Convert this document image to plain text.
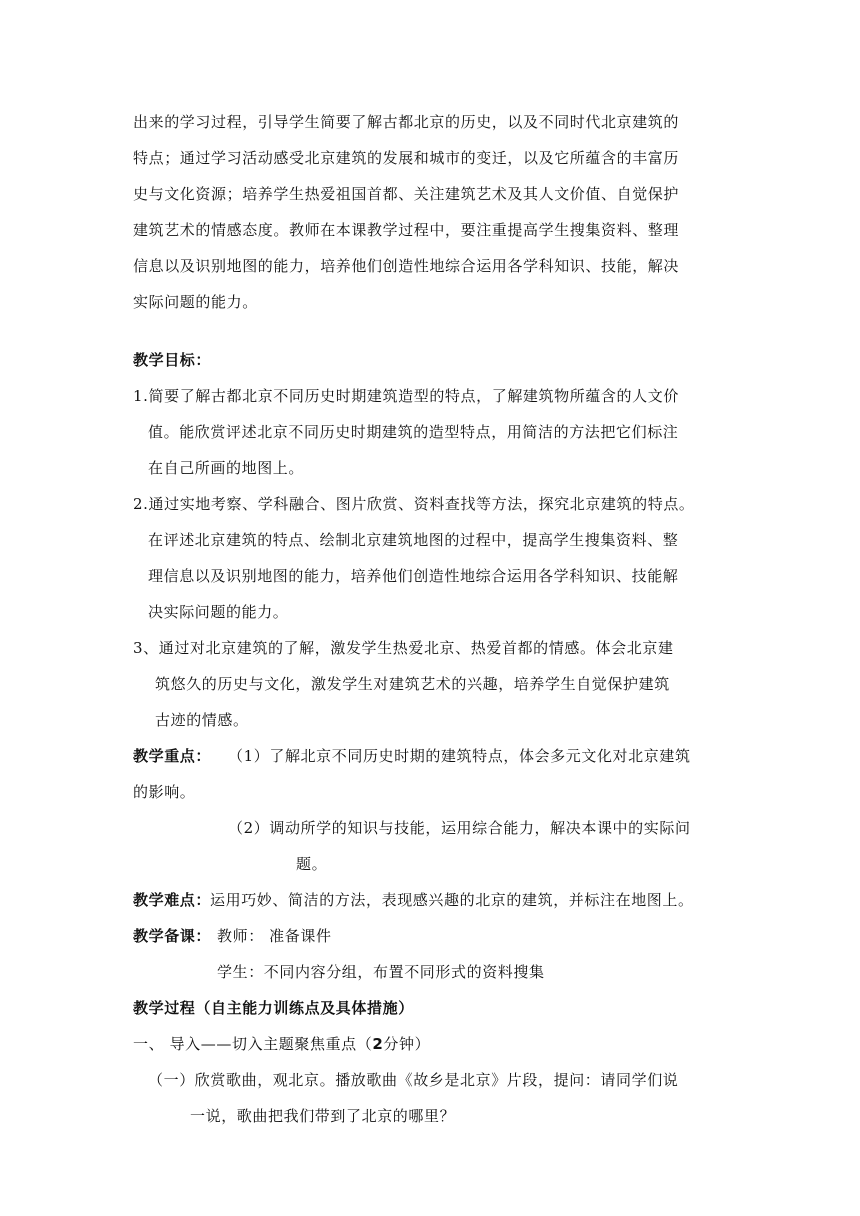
出来的学习过程，引导学生简要了解古都北京的历史，以及不同时代北京建筑的
特点；通过学习活动感受北京建筑的发展和城市的变迁，以及它所蕴含的丰富历
史与文化资源；培养学生热爱祖国首都、关注建筑艺术及其人文价值、自觉保护
建筑艺术的情感态度。教师在本课教学过程中，要注重提高学生搜集资料、整理
信息以及识别地图的能力，培养他们创造性地综合运用各学科知识、技能，解决
实际问题的能力。
教学目标：
1.简要了解古都北京不同历史时期建筑造型的特点，了解建筑物所蕴含的人文价
值。能欣赏评述北京不同历史时期建筑的造型特点，用简洁的方法把它们标注
在自己所画的地图上。
2.通过实地考察、学科融合、图片欣赏、资料查找等方法，探究北京建筑的特点。
在评述北京建筑的特点、绘制北京建筑地图的过程中，提高学生搜集资料、整
理信息以及识别地图的能力，培养他们创造性地综合运用各学科知识、技能解
决实际问题的能力。
3、通过对北京建筑的了解，激发学生热爱北京、热爱首都的情感。体会北京建
筑悠久的历史与文化，激发学生对建筑艺术的兴趣，培养学生自觉保护建筑
古迹的情感。
教学重点： （1）了解北京不同历史时期的建筑特点，体会多元文化对北京建筑
的影响。
（2）调动所学的知识与技能，运用综合能力，解决本课中的实际问
题。
教学难点：
运用巧妙、简洁的方法，表现感兴趣的北京的建筑，并标注在地图上。
教学备课： 教师： 准备课件
学生：不同内容分组，布置不同形式的资料搜集
教学过程（自主能力训练点及具体措施）
一、 导入——切入主题聚焦重点（2分钟）
（一）欣赏歌曲，观北京。播放歌曲《故乡是北京》片段，提问：请同学们说
一说，歌曲把我们带到了北京的哪里？
